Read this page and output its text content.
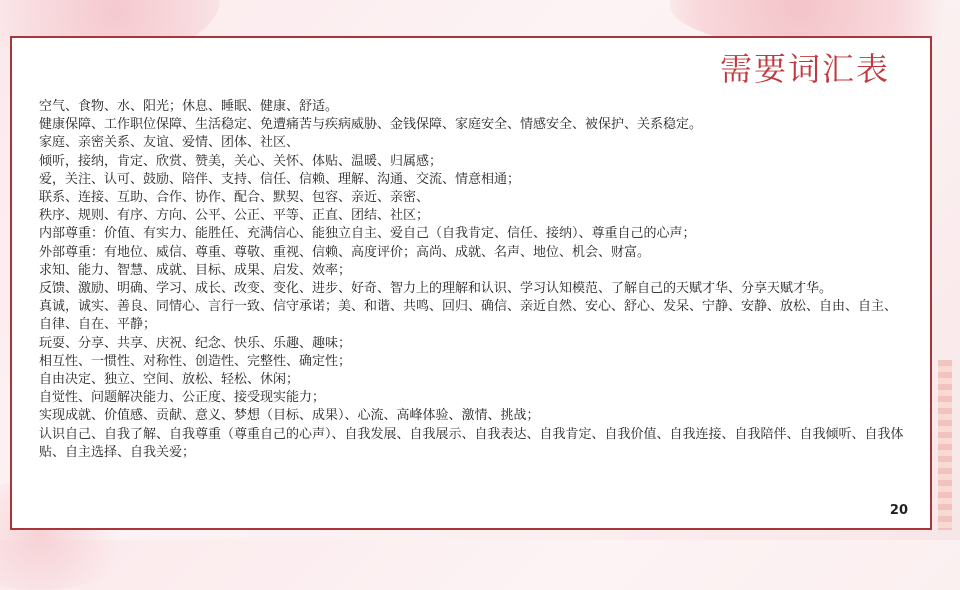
需要词汇表

空气、食物、水、阳光；休息、睡眠、健康、舒适。

健康保障、工作职位保障、生活稳定、免遭痛苦与疾病威胁、金钱保障、家庭安全、情感安全、被保护、关系稳定。

家庭、亲密关系、友谊、爱情、团体、社区、

倾听，接纳，肯定、欣赏、赞美，关心、关怀、体贴、温暖、归属感；

爱，关注、认可、鼓励、陪伴、支持、信任、信赖、理解、沟通、交流、情意相通；

联系、连接、互助、合作、协作、配合、默契、包容、亲近、亲密、

秩序、规则、有序、方向、公平、公正、平等、正直、团结、社区；

内部尊重：价值、有实力、能胜任、充满信心、能独立自主、爱自己（自我肯定、信任、接纳）、尊重自己的心声；

外部尊重：有地位、威信、尊重、尊敬、重视、信赖、高度评价；高尚、成就、名声、地位、机会、财富。

求知、能力、智慧、成就、目标、成果、启发、效率；

反馈、激励、明确、学习、成长、改变、变化、进步、好奇、智力上的理解和认识、学习认知模范、了解自己的天赋才华、分享天赋才华。

真诚，诚实、善良、同情心、言行一致、信守承诺；美、和谐、共鸣、回归、确信、亲近自然、安心、舒心、发呆、宁静、安静、放松、自由、自主、自律、自在、平静；

玩耍、分享、共享、庆祝、纪念、快乐、乐趣、趣味；

相互性、一惯性、对称性、创造性、完整性、确定性；

自由决定、独立、空间、放松、轻松、休闲；

自觉性、问题解决能力、公正度、接受现实能力；

实现成就、价值感、贡献、意义、梦想（目标、成果）、心流、高峰体验、激情、挑战；

认识自己、自我了解、自我尊重（尊重自己的心声）、自我发展、自我展示、自我表达、自我肯定、自我价值、自我连接、自我陪伴、自我倾听、自我体贴、自主选择、自我关爱；

20
